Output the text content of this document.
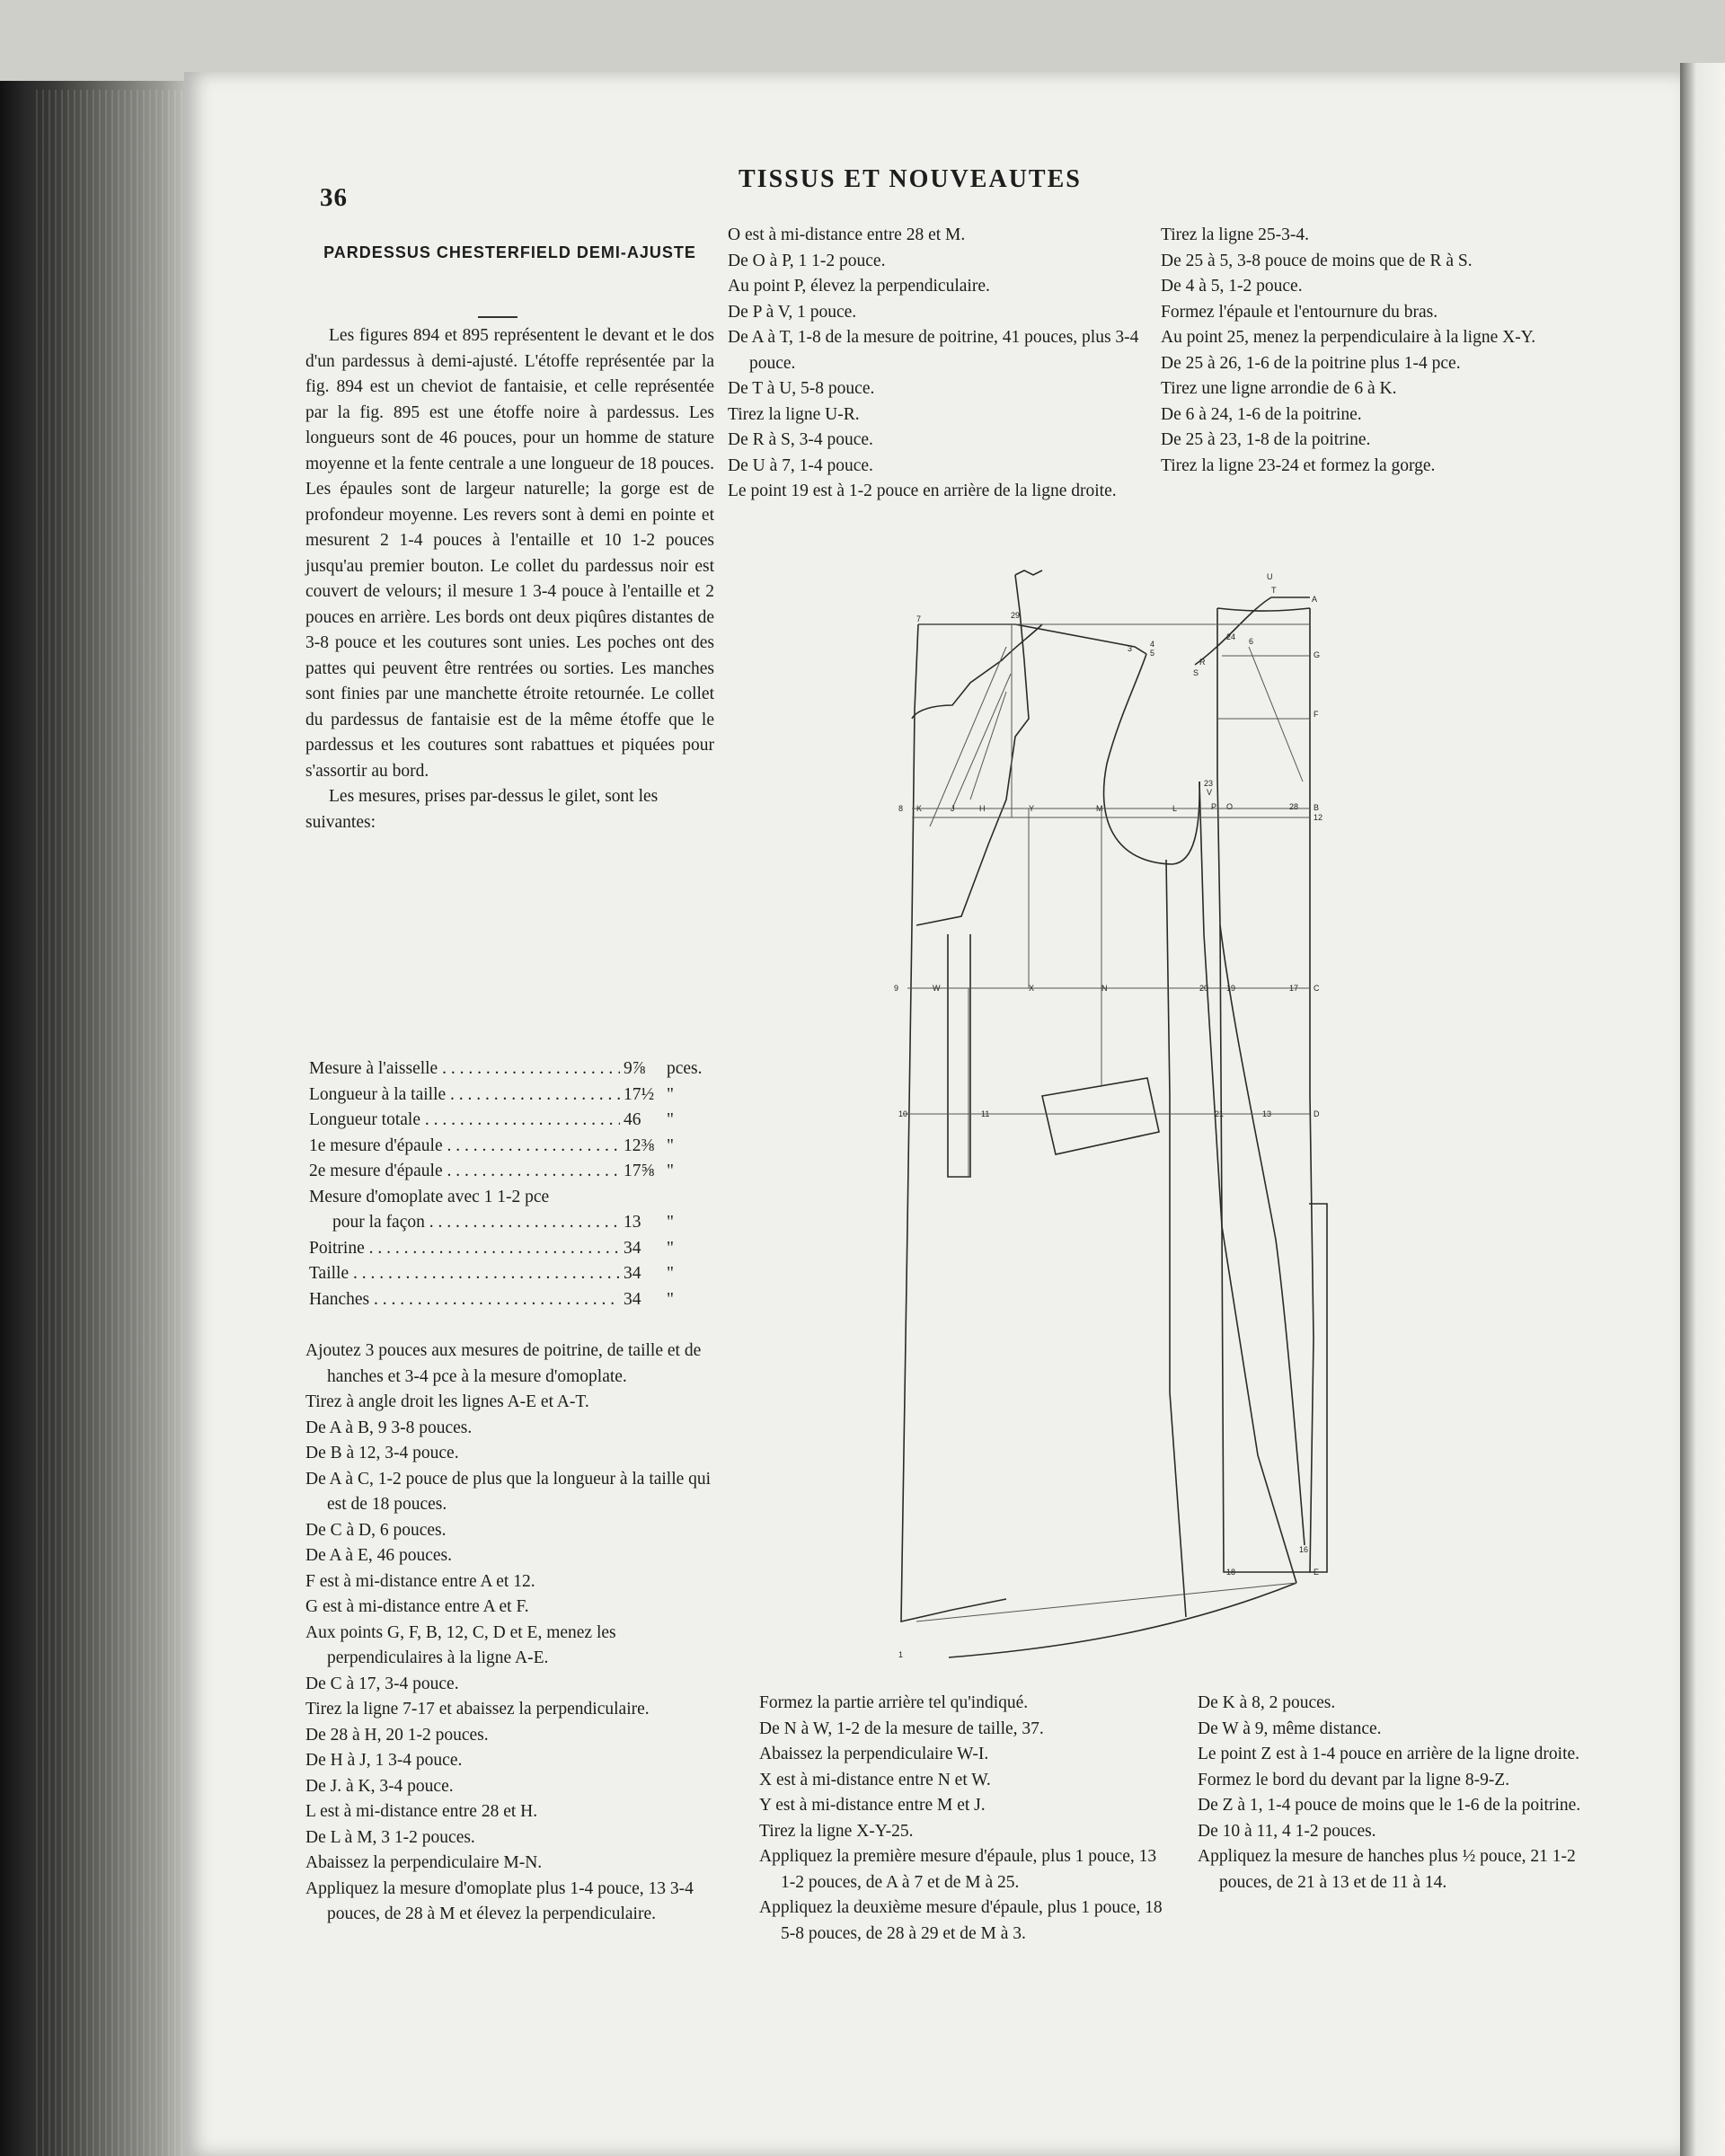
36
TISSUS ET NOUVEAUTES
PARDESSUS CHESTERFIELD DEMI-AJUSTE

Les figures 894 et 895 représentent le devant et le dos d'un pardessus à demi-ajusté. L'étoffe représentée par la fig. 894 est un cheviot de fantaisie, et celle représentée par la fig. 895 est une étoffe noire à pardessus. Les longueurs sont de 46 pouces, pour un homme de stature moyenne et la fente centrale a une longueur de 18 pouces. Les épaules sont de largeur naturelle; la gorge est de profondeur moyenne. Les revers sont à demi en pointe et mesurent 2 1-4 pouces à l'entaille et 10 1-2 pouces jusqu'au premier bouton. Le collet du pardessus noir est couvert de velours; il mesure 1 3-4 pouce à l'entaille et 2 pouces en arrière. Les bords ont deux piqûres distantes de 3-8 pouce et les coutures sont unies. Les poches ont des pattes qui peuvent être rentrées ou sorties. Les manches sont finies par une manchette étroite retournée. Le collet du pardessus de fantaisie est de la même étoffe que le pardessus et les coutures sont rabattues et piquées pour s'assortir au bord.

Les mesures, prises par-dessus le gilet, sont les suivantes:

Mesure à l'aisselle . . .	9⅞	pces.
Longueur à la taille . . .	17½ "
Longueur totale . . .	46	"
1e mesure d'épaule . . .	12⅜ "
2e mesure d'épaule . . .	17⅝ "
Mesure d'omoplate avec 1 1-2 pce
pour la façon . . .	13	"
Poitrine . . .	34	"
Taille . . .	34	"
Hanches . . .	34	"

Ajoutez 3 pouces aux mesures de poitrine, de taille et de hanches et 3-4 pce à la mesure d'omoplate.

Tirez à angle droit les lignes A-E et A-T.

De A à B, 9 3-8 pouces.

De B à 12, 3-4 pouce.

De A à C, 1-2 pouce de plus que la longueur à la taille qui est de 18 pouces.

De C à D, 6 pouces.

De A à E, 46 pouces.

F est à mi-distance entre A et 12.

G est à mi-distance entre A et F.

Aux points G, F, B, 12, C, D et E, menez les perpendiculaires à la ligne A-E.

De C à 17, 3-4 pouce.

Tirez la ligne 7-17 et abaissez la perpendiculaire.

De 28 à H, 20 1-2 pouces.

De H à J, 1 3-4 pouce.

De J. à K, 3-4 pouce.

L est à mi-distance entre 28 et H.

De L à M, 3 1-2 pouces.

Abaissez la perpendiculaire M-N.

Appliquez la mesure d'omoplate plus 1-4 pouce, 13 3-4 pouces, de 28 à M et élevez la perpendiculaire.

O est à mi-distance entre 28 et M.

De O à P, 1 1-2 pouce.

Au point P, élevez la perpendiculaire.

De P à V, 1 pouce.

De A à T, 1-8 de la mesure de poitrine, 41 pouces, plus 3-4 pouce.

De T à U, 5-8 pouce.

Tirez la ligne U-R.

De R à S, 3-4 pouce.

De U à 7, 1-4 pouce.

Le point 19 est à 1-2 pouce en arrière de la ligne droite.

Tirez la ligne 25-3-4.

De 25 à 5, 3-8 pouce de moins que de R à S.

De 4 à 5, 1-2 pouce.

Formez l'épaule et l'entournure du bras.

Au point 25, menez la perpendiculaire à la ligne X-Y.

De 25 à 26, 1-6 de la poitrine plus 1-4 pce.

Tirez une ligne arrondie de 6 à K.

De 6 à 24, 1-6 de la poitrine.

De 25 à 23, 1-8 de la poitrine.

Tirez la ligne 23-24 et formez la gorge.

7	29
3 4
5
U
T
A
R
S
G
F
24 6
8 K	J	H	Y	M	L	P O	28 B
12
23
V
9	W	X	N	20 19	17 C
10	11	21	13	D
1
18
16
E

Formez la partie arrière tel qu'indiqué.

De N à W, 1-2 de la mesure de taille, 37.

Abaissez la perpendiculaire W-I.

X est à mi-distance entre N et W.

Y est à mi-distance entre M et J.

Tirez la ligne X-Y-25.

Appliquez la première mesure d'épaule, plus 1 pouce, 13 1-2 pouces, de A à 7 et de M à 25.

Appliquez la deuxième mesure d'épaule, plus 1 pouce, 18 5-8 pouces, de 28 à 29 et de M à 3.

De K à 8, 2 pouces.

De W à 9, même distance.

Le point Z est à 1-4 pouce en arrière de la ligne droite.

Formez le bord du devant par la ligne 8-9-Z.

De Z à 1, 1-4 pouce de moins que le 1-6 de la poitrine.

De 10 à 11, 4 1-2 pouces.

Appliquez la mesure de hanches plus ½ pouce, 21 1-2 pouces, de 21 à 13 et de 11 à 14.
